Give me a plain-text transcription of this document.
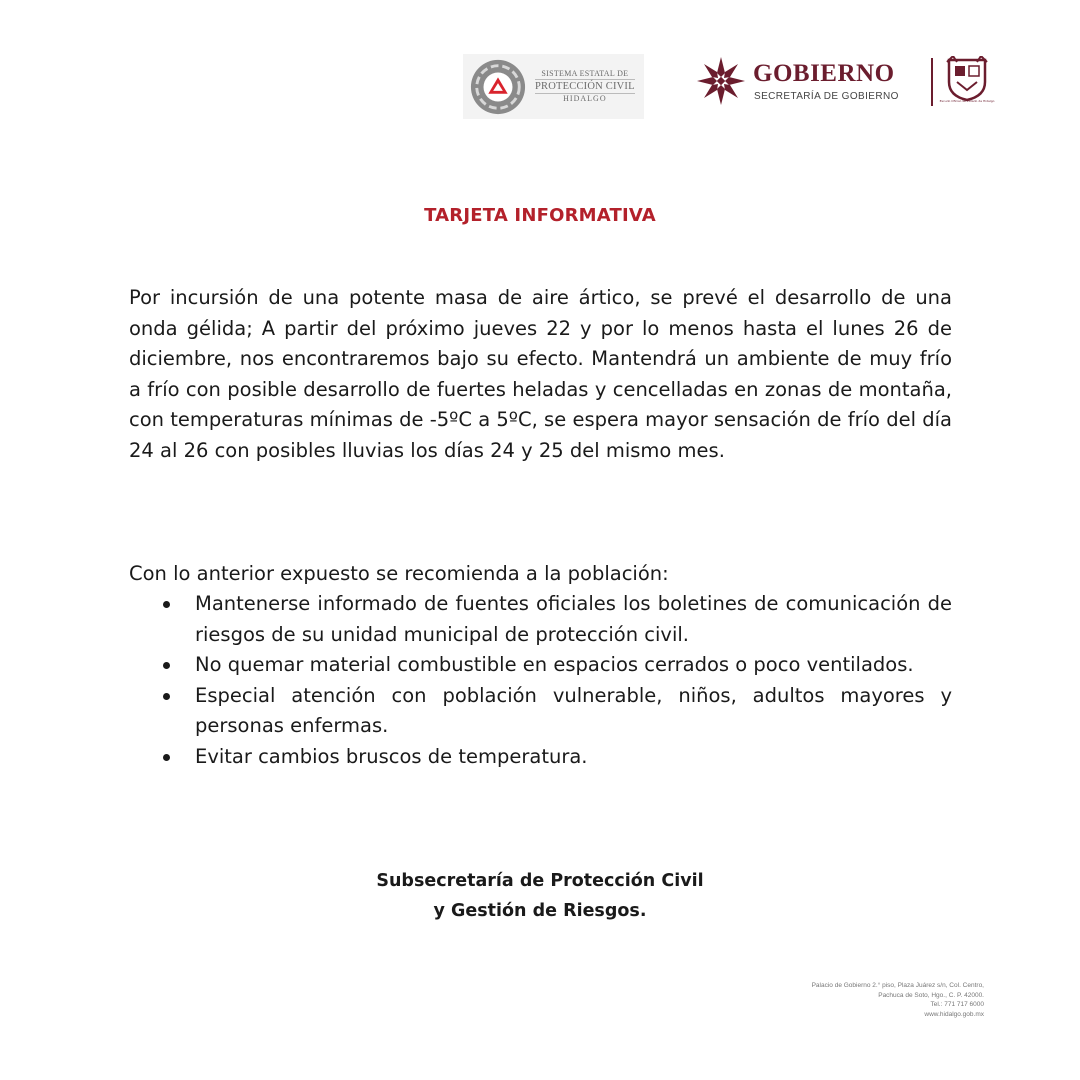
SISTEMA ESTATAL DE
PROTECCIÓN CIVIL
HIDALGO
GOBIERNO
SECRETARÍA DE GOBIERNO	Escudo Oficial del Estado de Hidalgo
TARJETA INFORMATIVA
Por incursión de una potente masa de aire ártico, se prevé el desarrollo de una onda gélida; A partir del próximo jueves 22 y por lo menos hasta el lunes 26 de diciembre, nos encontraremos bajo su efecto. Mantendrá un ambiente de muy frío a frío con posible desarrollo de fuertes heladas y cencelladas en zonas de montaña, con temperaturas mínimas de -5ºC a 5ºC, se espera mayor sensación de frío del día 24 al 26 con posibles lluvias los días 24 y 25 del mismo mes.
Con lo anterior expuesto se recomienda a la población:
Mantenerse informado de fuentes oficiales los boletines de comunicación de riesgos de su unidad municipal de protección civil.
No quemar material combustible en espacios cerrados o poco ventilados.
Especial atención con población vulnerable, niños, adultos mayores y personas enfermas.
Evitar cambios bruscos de temperatura.
Subsecretaría de Protección Civil
y Gestión de Riesgos.
Palacio de Gobierno 2.° piso, Plaza Juárez s/n, Col. Centro,
Pachuca de Soto, Hgo., C. P. 42000.
Tel.: 771 717 6000
www.hidalgo.gob.mx
